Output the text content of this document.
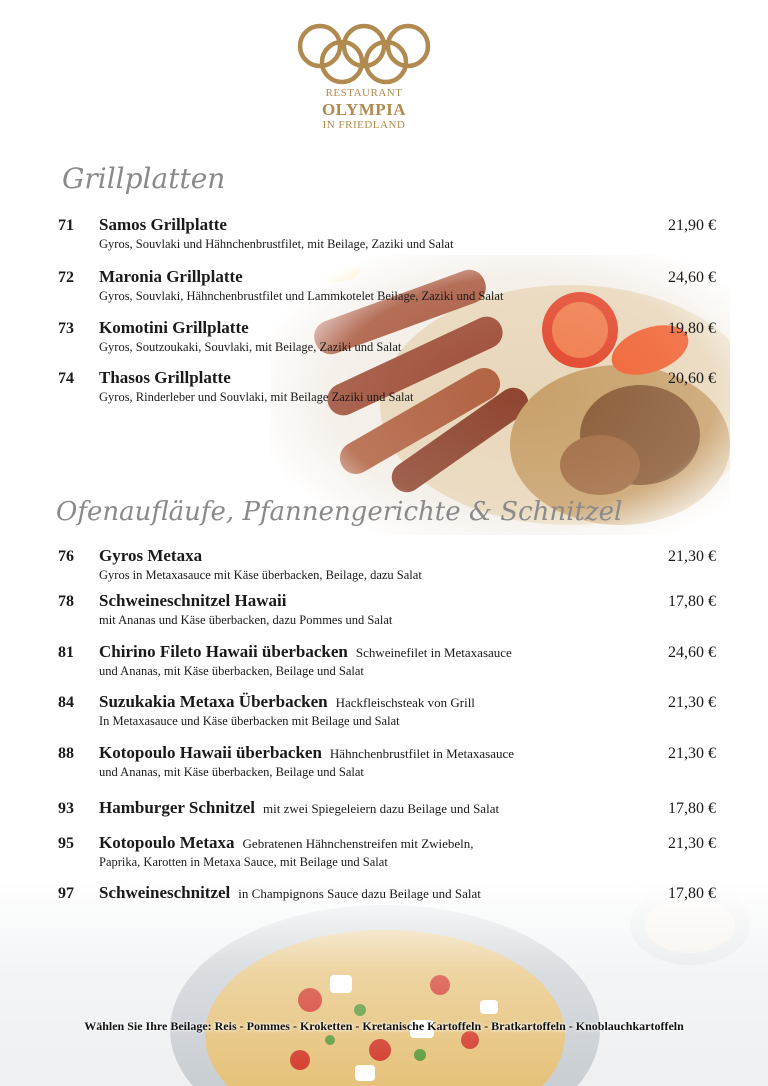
RESTAURANT
OLYMPIA
IN FRIEDLAND
Grillplatten
Ofenaufläufe, Pfannengerichte & Schnitzel
71	Samos Grillplatte
Gyros, Souvlaki und Hähnchenbrustfilet, mit Beilage, Zaziki und Salat
21,90 €
72	Maronia Grillplatte
Gyros, Souvlaki, Hähnchenbrustfilet und Lammkotelet Beilage, Zaziki und Salat
24,60 €
73	Komotini Grillplatte
Gyros, Soutzoukaki, Souvlaki, mit Beilage, Zaziki und Salat
19,80 €
74	Thasos Grillplatte
Gyros, Rinderleber und Souvlaki, mit Beilage Zaziki und Salat
20,60 €
76	Gyros Metaxa
Gyros in Metaxasauce mit Käse überbacken, Beilage, dazu Salat
21,30 €
78	Schweineschnitzel Hawaii
mit Ananas und Käse überbacken, dazu Pommes und Salat
17,80 €
81	Chirino Fileto Hawaii überbacken Schweinefilet in Metaxasauce
und Ananas, mit Käse überbacken, Beilage und Salat
24,60 €
84	Suzukakia Metaxa Überbacken Hackfleischsteak von Grill
In Metaxasauce und Käse überbacken mit Beilage und Salat
21,30 €
88	Kotopoulo Hawaii überbacken Hähnchenbrustfilet in Metaxasauce
und Ananas, mit Käse überbacken, Beilage und Salat
21,30 €
93	Hamburger Schnitzel mit zwei Spiegeleiern dazu Beilage und Salat	17,80 €
95	Kotopoulo Metaxa Gebratenen Hähnchenstreifen mit Zwiebeln,
Paprika, Karotten in Metaxa Sauce, mit Beilage und Salat
21,30 €
97	Schweineschnitzel in Champignons Sauce dazu Beilage und Salat	17,80 €
Wählen Sie Ihre Beilage: Reis - Pommes - Kroketten - Kretanische Kartoffeln - Bratkartoffeln - Knoblauchkartoffeln
